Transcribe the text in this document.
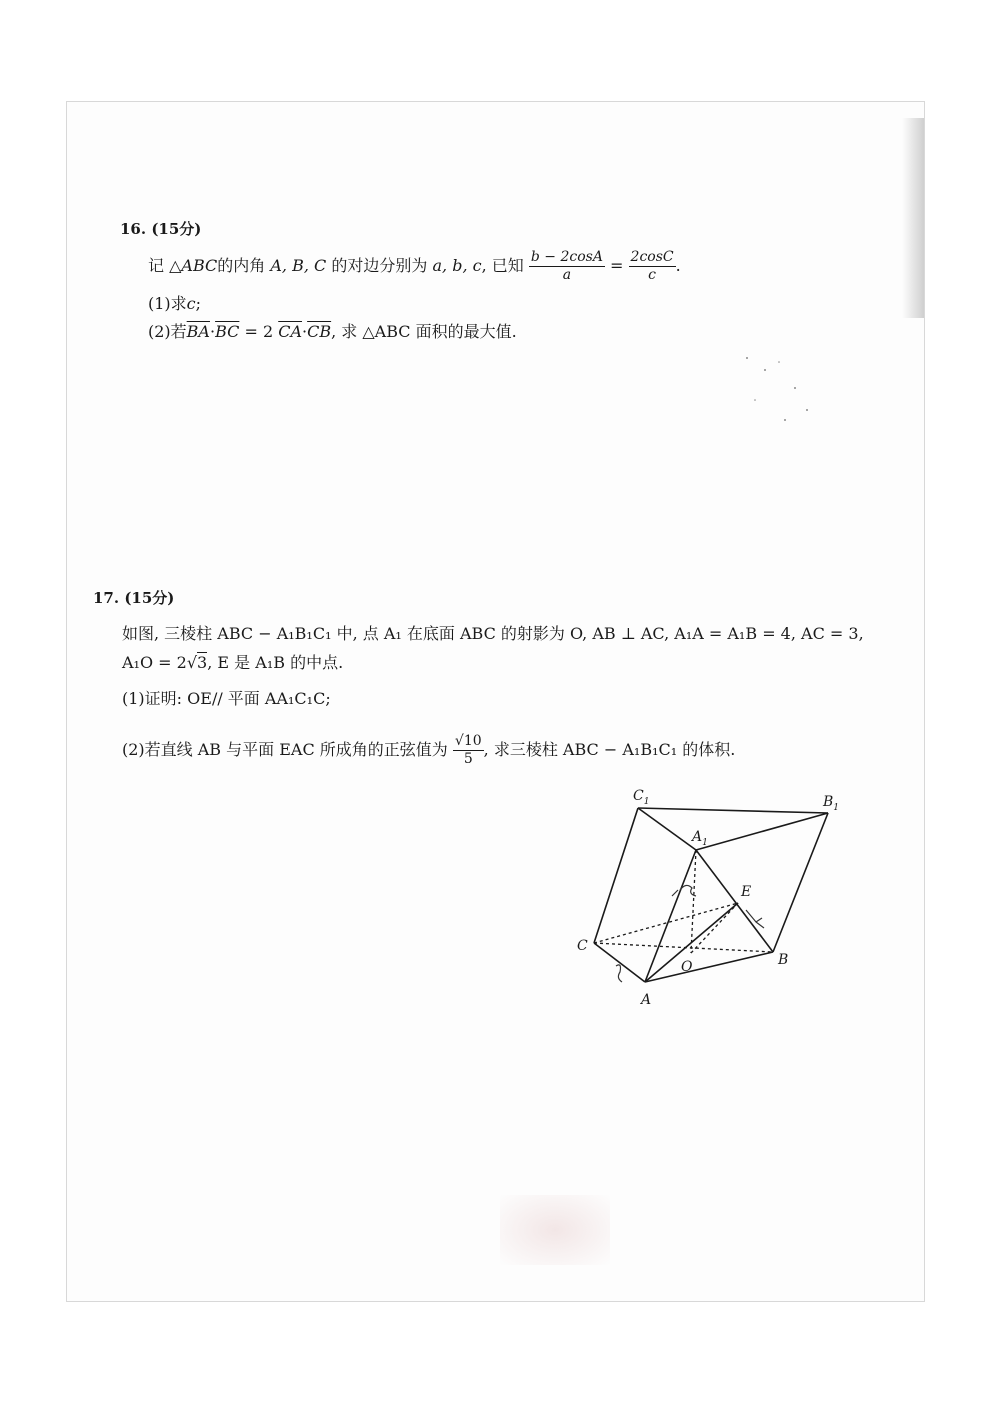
16. (15分)
记 △ABC的内角 A, B, C 的对边分别为 a, b, c, 已知 $\frac{b - 2\cos A}{a} = \frac{2\cos C}{c}$ .
(1)求c;
(2)若$\overline{BA}\cdot\overline{BC} = 2$ $\overline{CA}\cdot\overline{CB}$, 求 △ABC 面积的最大值.
17. (15分)
如图, 三棱柱 ABC − A₁B₁C₁ 中, 点 A₁ 在底面 ABC 的射影为 O, AB ⊥ AC, A₁A = A₁B = 4, AC = 3,
A₁O = 2√3, E 是 A₁B 的中点.
(1)证明: OE// 平面 AA₁C₁C;
(2)若直线 AB 与平面 EAC 所成角的正弦值为 $\frac{√10}{5}$ , 求三棱柱 ABC − A₁B₁C₁ 的体积.
$C_1$	$B_1$
$A_1$
E
C
O	B
A
